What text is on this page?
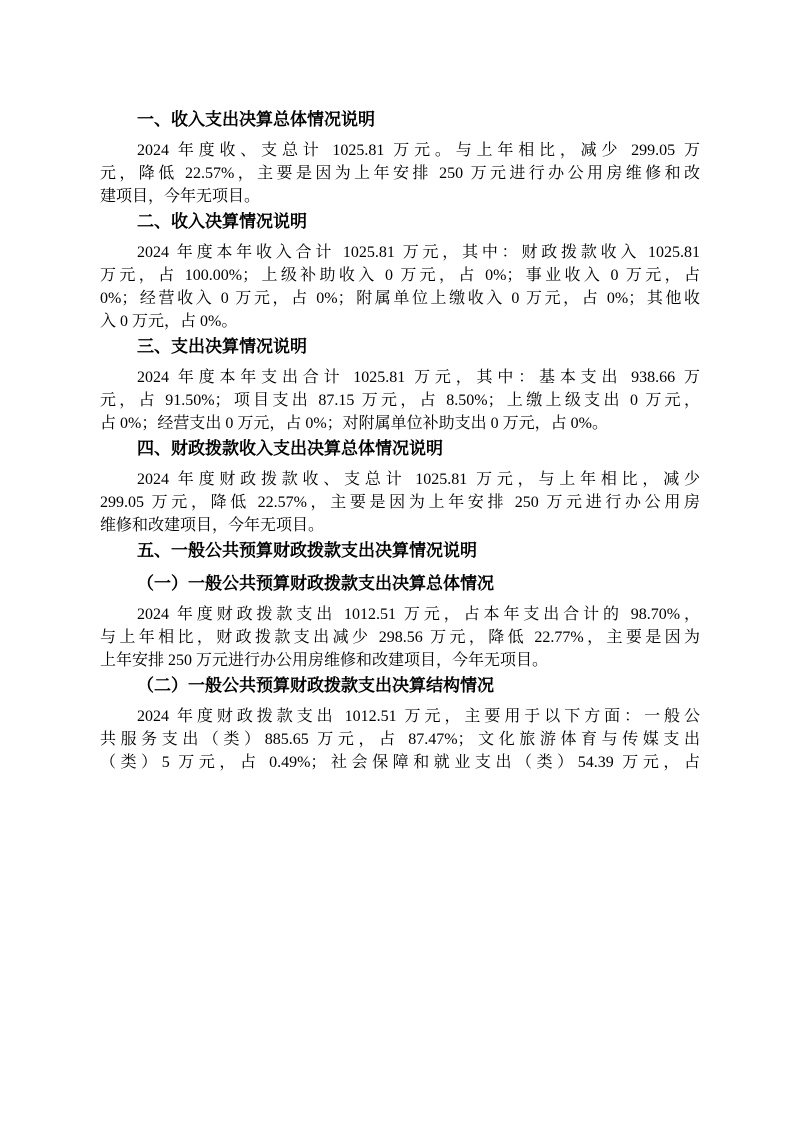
一、收入支出决算总体情况说明
2024 年度收、支总计 1025.81 万元。与上年相比，减少 299.05 万
元，降低 22.57%，主要是因为上年安排 250 万元进行办公用房维修和改
建项目，今年无项目。
二、收入决算情况说明
2024 年度本年收入合计 1025.81 万元，其中：财政拨款收入 1025.81
万元，占 100.00%；上级补助收入 0 万元，占 0%；事业收入 0 万元，占
0%；经营收入 0 万元，占 0%；附属单位上缴收入 0 万元，占 0%；其他收
入 0 万元，占 0%。
三、支出决算情况说明
2024 年度本年支出合计 1025.81 万元，其中：基本支出 938.66 万
元，占 91.50%；项目支出 87.15 万元，占 8.50%；上缴上级支出 0 万元，
占 0%；经营支出 0 万元，占 0%；对附属单位补助支出 0 万元，占 0%。
四、财政拨款收入支出决算总体情况说明
2024 年度财政拨款收、支总计 1025.81 万元，与上年相比，减少
299.05 万元，降低 22.57%，主要是因为上年安排 250 万元进行办公用房
维修和改建项目，今年无项目。
五、一般公共预算财政拨款支出决算情况说明
（一）一般公共预算财政拨款支出决算总体情况
2024 年度财政拨款支出 1012.51 万元，占本年支出合计的 98.70%，
与上年相比，财政拨款支出减少 298.56 万元，降低 22.77%，主要是因为
上年安排 250 万元进行办公用房维修和改建项目，今年无项目。
（二）一般公共预算财政拨款支出决算结构情况
2024 年度财政拨款支出 1012.51 万元，主要用于以下方面：一般公
共服务支出（类）885.65 万元，占 87.47%；文化旅游体育与传媒支出
（类）5 万元，占 0.49%；社会保障和就业支出（类）54.39 万元，占
